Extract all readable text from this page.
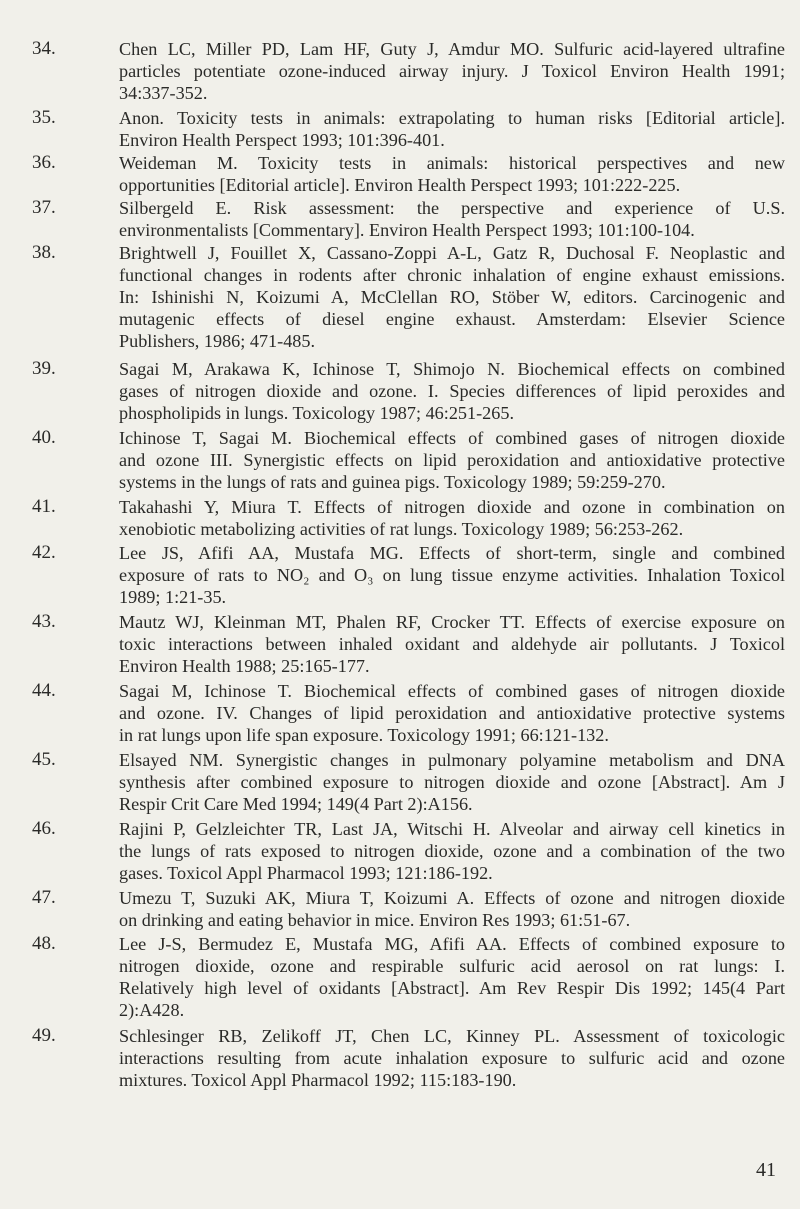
34.	Chen LC, Miller PD, Lam HF, Guty J, Amdur MO. Sulfuric acid-layered ultrafine
particles potentiate ozone-induced airway injury. J Toxicol Environ Health 1991;
34:337-352.
35.	Anon. Toxicity tests in animals: extrapolating to human risks [Editorial article].
Environ Health Perspect 1993; 101:396-401.
36.	Weideman M. Toxicity tests in animals: historical perspectives and new
opportunities [Editorial article]. Environ Health Perspect 1993; 101:222-225.
37.	Silbergeld E. Risk assessment: the perspective and experience of U.S.
environmentalists [Commentary]. Environ Health Perspect 1993; 101:100-104.
38.	Brightwell J, Fouillet X, Cassano-Zoppi A-L, Gatz R, Duchosal F. Neoplastic and
functional changes in rodents after chronic inhalation of engine exhaust emissions.
In: Ishinishi N, Koizumi A, McClellan RO, Stöber W, editors. Carcinogenic and
mutagenic effects of diesel engine exhaust. Amsterdam: Elsevier Science
Publishers, 1986; 471-485.
39.	Sagai M, Arakawa K, Ichinose T, Shimojo N. Biochemical effects on combined
gases of nitrogen dioxide and ozone. I. Species differences of lipid peroxides and
phospholipids in lungs. Toxicology 1987; 46:251-265.
40.	Ichinose T, Sagai M. Biochemical effects of combined gases of nitrogen dioxide
and ozone III. Synergistic effects on lipid peroxidation and antioxidative protective
systems in the lungs of rats and guinea pigs. Toxicology 1989; 59:259-270.
41.	Takahashi Y, Miura T. Effects of nitrogen dioxide and ozone in combination on
xenobiotic metabolizing activities of rat lungs. Toxicology 1989; 56:253-262.
42.	Lee JS, Afifi AA, Mustafa MG. Effects of short-term, single and combined
exposure of rats to NO₂ and O₃ on lung tissue enzyme activities. Inhalation Toxicol
1989; 1:21-35.
43.	Mautz WJ, Kleinman MT, Phalen RF, Crocker TT. Effects of exercise exposure on
toxic interactions between inhaled oxidant and aldehyde air pollutants. J Toxicol
Environ Health 1988; 25:165-177.
44.	Sagai M, Ichinose T. Biochemical effects of combined gases of nitrogen dioxide
and ozone. IV. Changes of lipid peroxidation and antioxidative protective systems
in rat lungs upon life span exposure. Toxicology 1991; 66:121-132.
45.	Elsayed NM. Synergistic changes in pulmonary polyamine metabolism and DNA
synthesis after combined exposure to nitrogen dioxide and ozone [Abstract]. Am J
Respir Crit Care Med 1994; 149(4 Part 2):A156.
46.	Rajini P, Gelzleichter TR, Last JA, Witschi H. Alveolar and airway cell kinetics in
the lungs of rats exposed to nitrogen dioxide, ozone and a combination of the two
gases. Toxicol Appl Pharmacol 1993; 121:186-192.
47.	Umezu T, Suzuki AK, Miura T, Koizumi A. Effects of ozone and nitrogen dioxide
on drinking and eating behavior in mice. Environ Res 1993; 61:51-67.
48.	Lee J-S, Bermudez E, Mustafa MG, Afifi AA. Effects of combined exposure to
nitrogen dioxide, ozone and respirable sulfuric acid aerosol on rat lungs: I.
Relatively high level of oxidants [Abstract]. Am Rev Respir Dis 1992; 145(4 Part
2):A428.
49.	Schlesinger RB, Zelikoff JT, Chen LC, Kinney PL. Assessment of toxicologic
interactions resulting from acute inhalation exposure to sulfuric acid and ozone
mixtures. Toxicol Appl Pharmacol 1992; 115:183-190.
41
